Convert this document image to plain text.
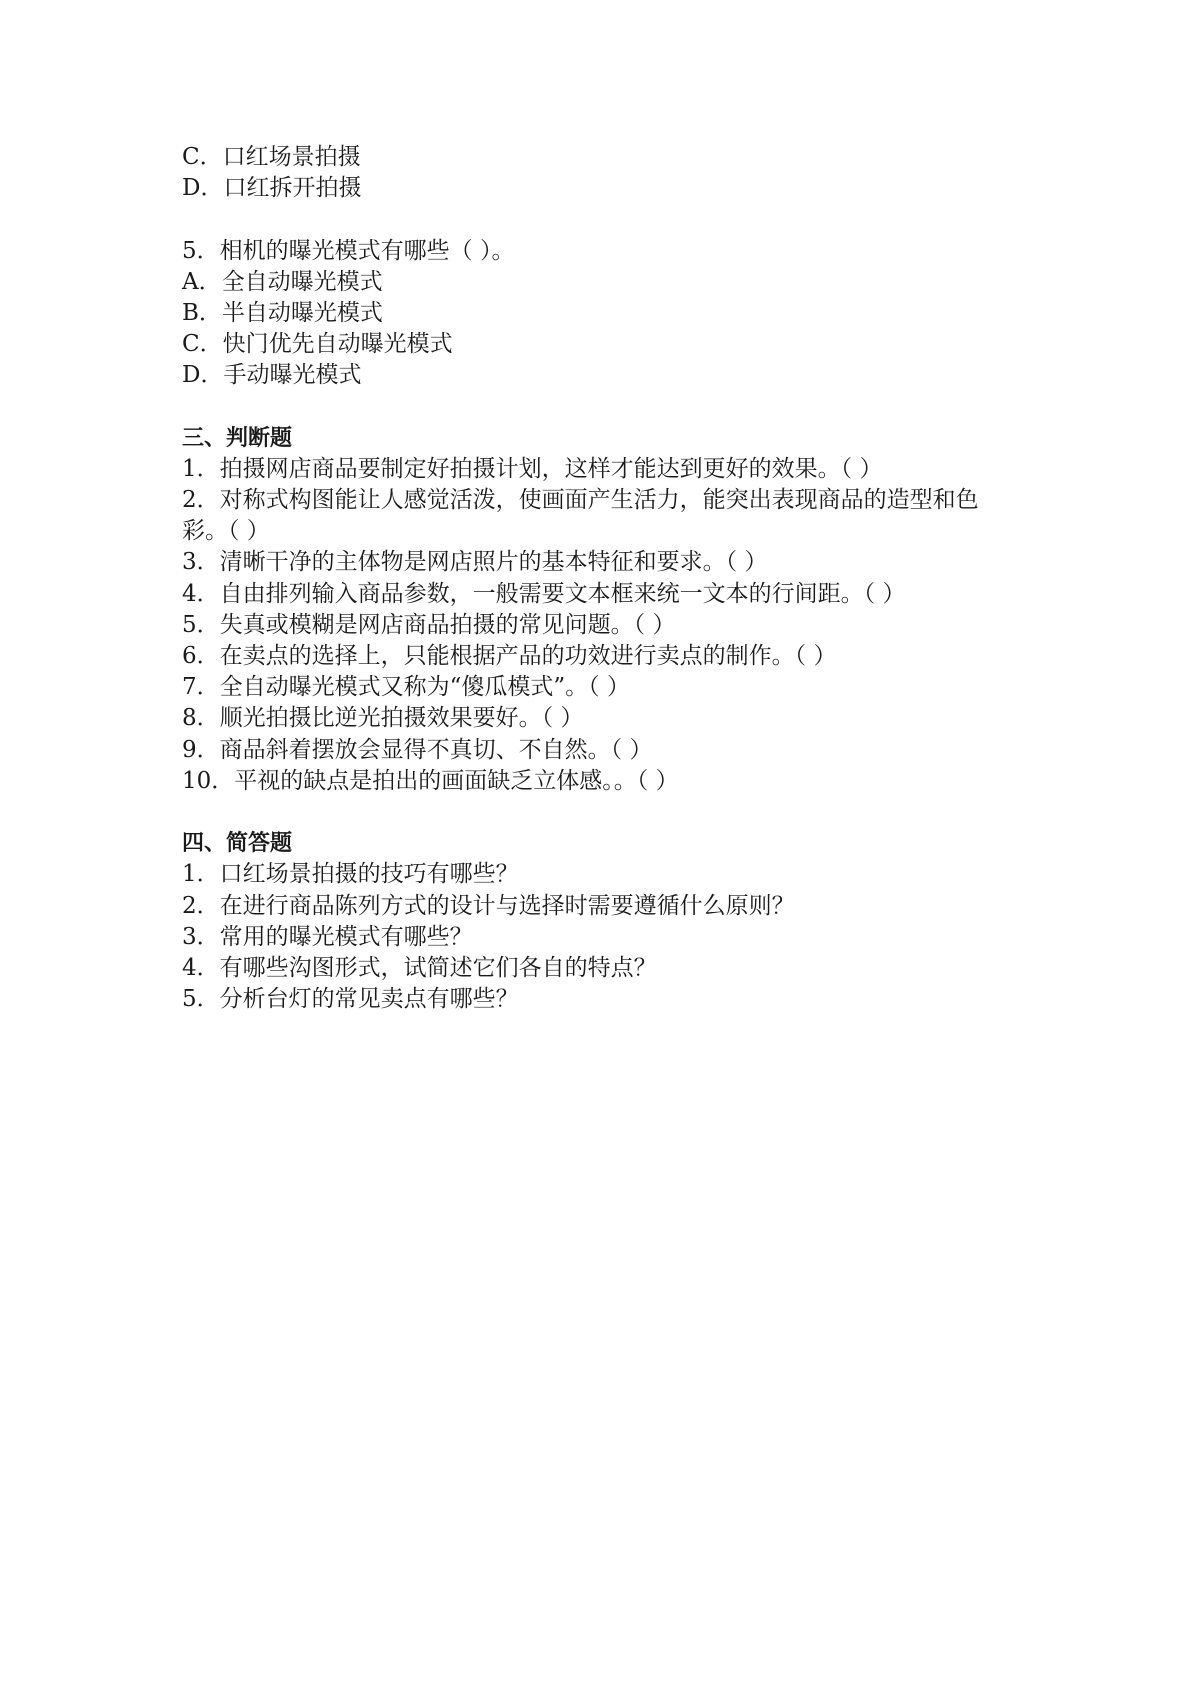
C．口红场景拍摄

D．口红拆开拍摄

5．相机的曝光模式有哪些（ ）。

A．全自动曝光模式

B．半自动曝光模式

C．快门优先自动曝光模式

D．手动曝光模式

三、判断题

1．拍摄网店商品要制定好拍摄计划，这样才能达到更好的效果。（ ）

2．对称式构图能让人感觉活泼，使画面产生活力，能突出表现商品的造型和色

彩。（ ）

3．清晰干净的主体物是网店照片的基本特征和要求。（ ）

4．自由排列输入商品参数，一般需要文本框来统一文本的行间距。（ ）

5．失真或模糊是网店商品拍摄的常见问题。（ ）

6．在卖点的选择上，只能根据产品的功效进行卖点的制作。（ ）

7．全自动曝光模式又称为“傻瓜模式”。（ ）

8．顺光拍摄比逆光拍摄效果要好。（ ）

9．商品斜着摆放会显得不真切、不自然。（ ）

10．平视的缺点是拍出的画面缺乏立体感。。（ ）

四、简答题

1．口红场景拍摄的技巧有哪些？

2．在进行商品陈列方式的设计与选择时需要遵循什么原则？

3．常用的曝光模式有哪些？

4．有哪些沟图形式，试简述它们各自的特点？

5．分析台灯的常见卖点有哪些？
